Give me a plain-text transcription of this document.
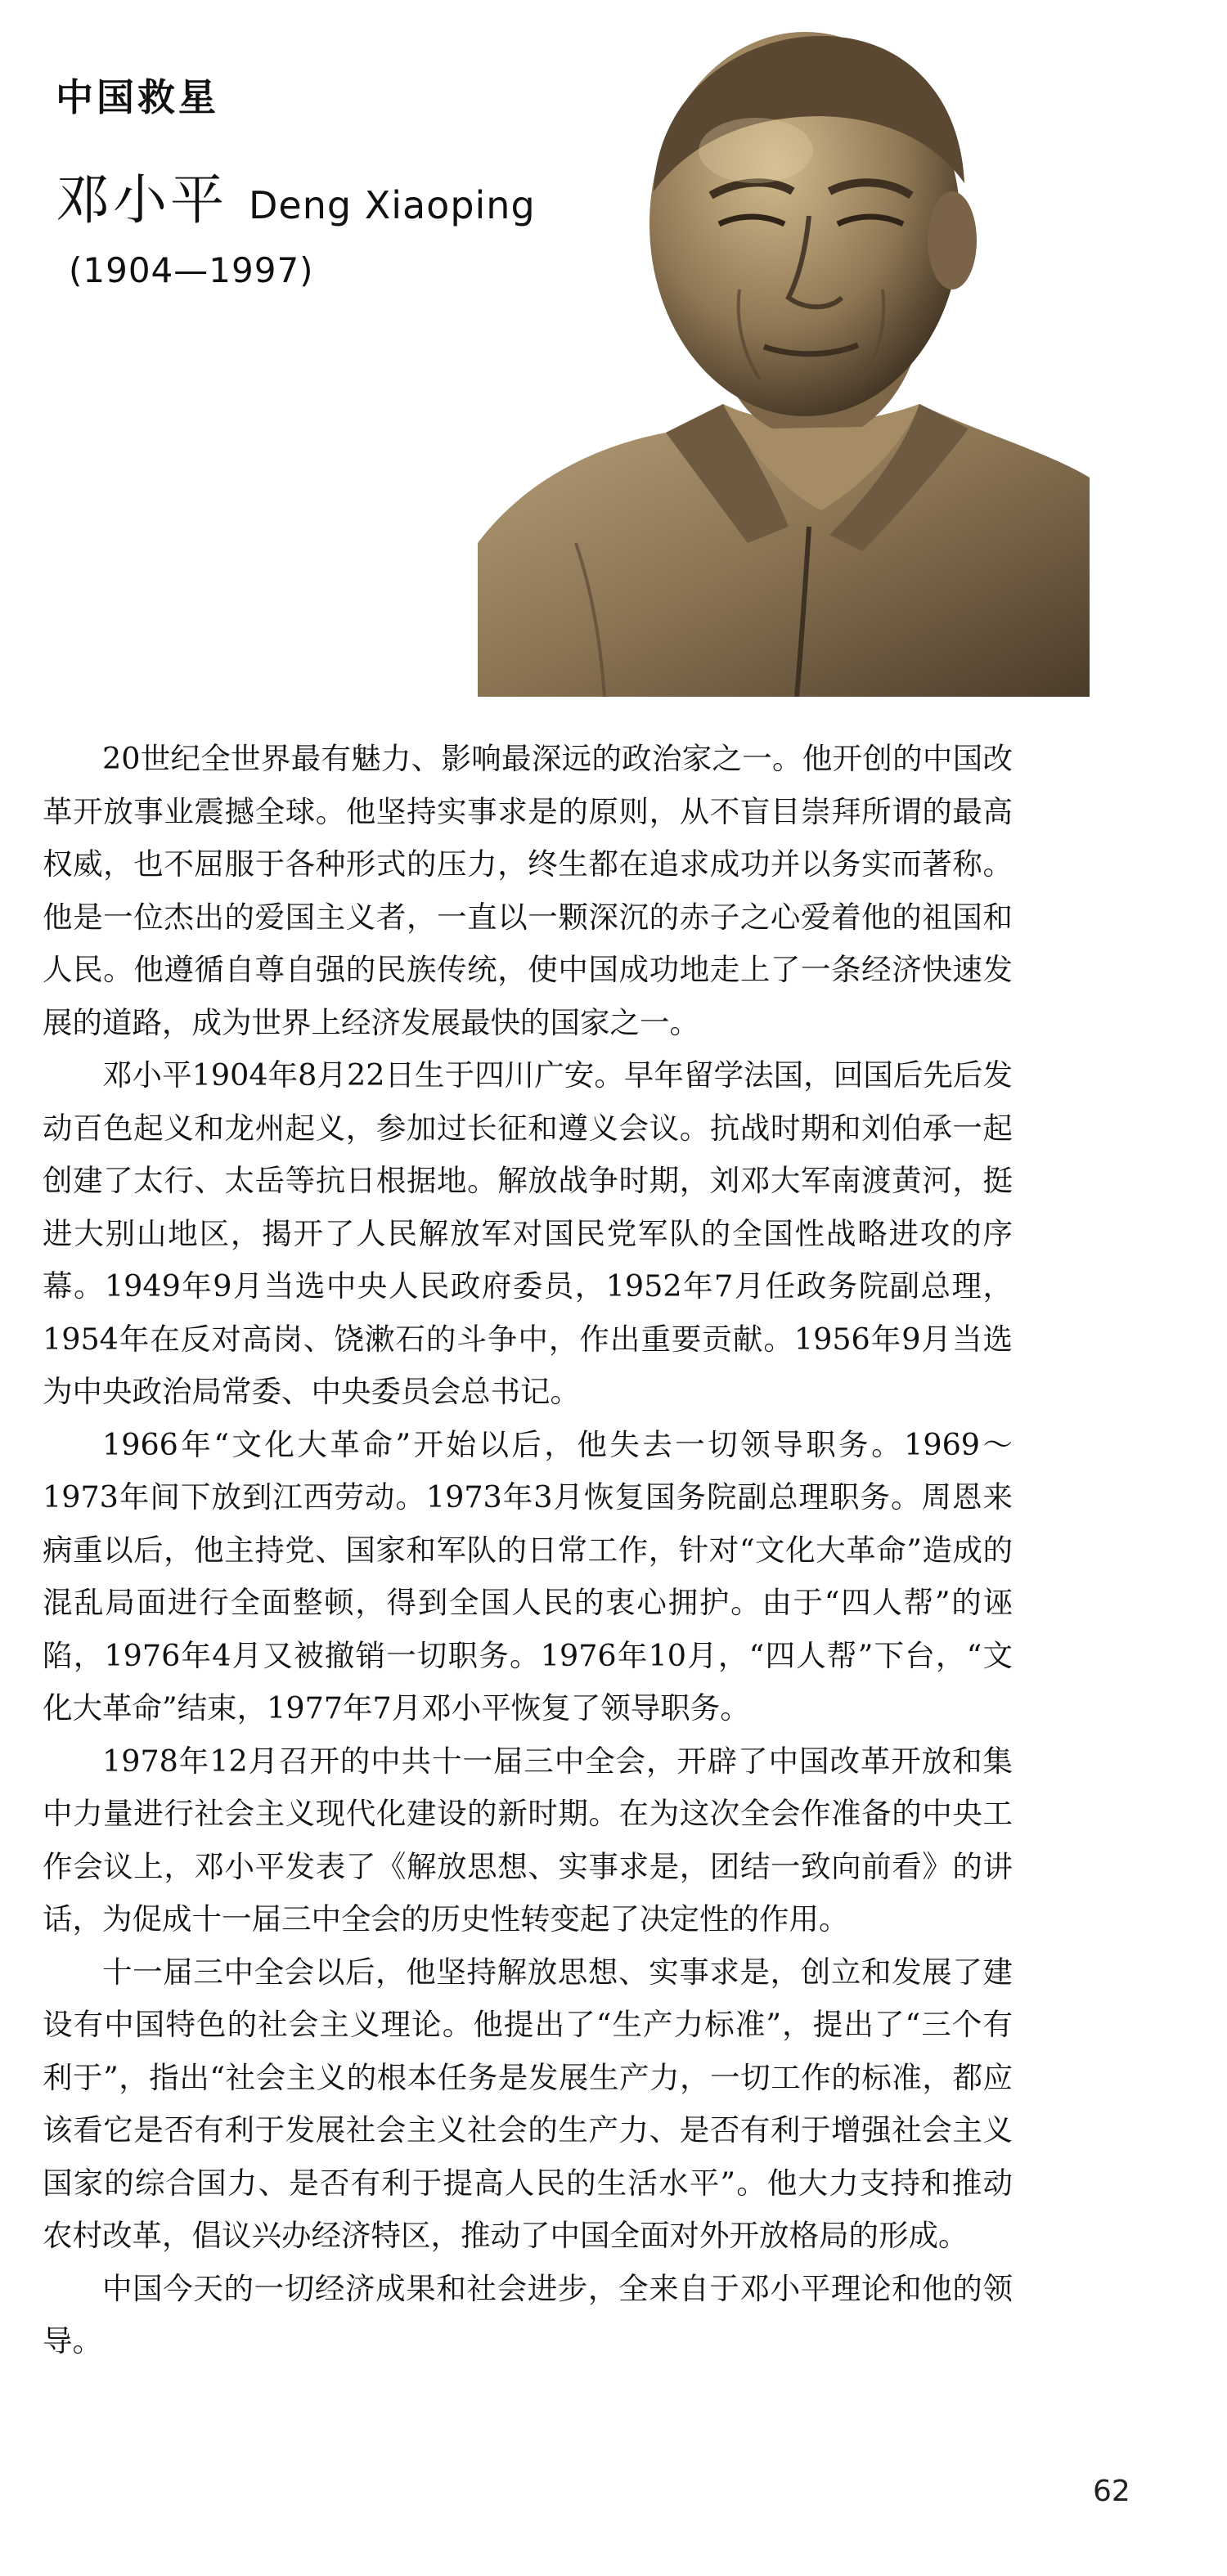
中国救星
邓小平 Deng Xiaoping
(1904—1997)

20世纪全世界最有魅力、影响最深远的政治家之一。他开创的中国改革开放事业震撼全球。他坚持实事求是的原则，从不盲目崇拜所谓的最高权威，也不屈服于各种形式的压力，终生都在追求成功并以务实而著称。他是一位杰出的爱国主义者，一直以一颗深沉的赤子之心爱着他的祖国和人民。他遵循自尊自强的民族传统，使中国成功地走上了一条经济快速发展的道路，成为世界上经济发展最快的国家之一。

邓小平1904年8月22日生于四川广安。早年留学法国，回国后先后发动百色起义和龙州起义，参加过长征和遵义会议。抗战时期和刘伯承一起创建了太行、太岳等抗日根据地。解放战争时期，刘邓大军南渡黄河，挺进大别山地区，揭开了人民解放军对国民党军队的全国性战略进攻的序幕。1949年9月当选中央人民政府委员，1952年7月任政务院副总理，1954年在反对高岗、饶漱石的斗争中，作出重要贡献。1956年9月当选为中央政治局常委、中央委员会总书记。

1966年“文化大革命”开始以后，他失去一切领导职务。1969～1973年间下放到江西劳动。1973年3月恢复国务院副总理职务。周恩来病重以后，他主持党、国家和军队的日常工作，针对“文化大革命”造成的混乱局面进行全面整顿，得到全国人民的衷心拥护。由于“四人帮”的诬陷，1976年4月又被撤销一切职务。1976年10月，“四人帮”下台，“文化大革命”结束，1977年7月邓小平恢复了领导职务。

1978年12月召开的中共十一届三中全会，开辟了中国改革开放和集中力量进行社会主义现代化建设的新时期。在为这次全会作准备的中央工作会议上，邓小平发表了《解放思想、实事求是，团结一致向前看》的讲话，为促成十一届三中全会的历史性转变起了决定性的作用。

十一届三中全会以后，他坚持解放思想、实事求是，创立和发展了建设有中国特色的社会主义理论。他提出了“生产力标准”，提出了“三个有利于”，指出“社会主义的根本任务是发展生产力，一切工作的标准，都应该看它是否有利于发展社会主义社会的生产力、是否有利于增强社会主义国家的综合国力、是否有利于提高人民的生活水平”。他大力支持和推动农村改革，倡议兴办经济特区，推动了中国全面对外开放格局的形成。

中国今天的一切经济成果和社会进步，全来自于邓小平理论和他的领导。

62
